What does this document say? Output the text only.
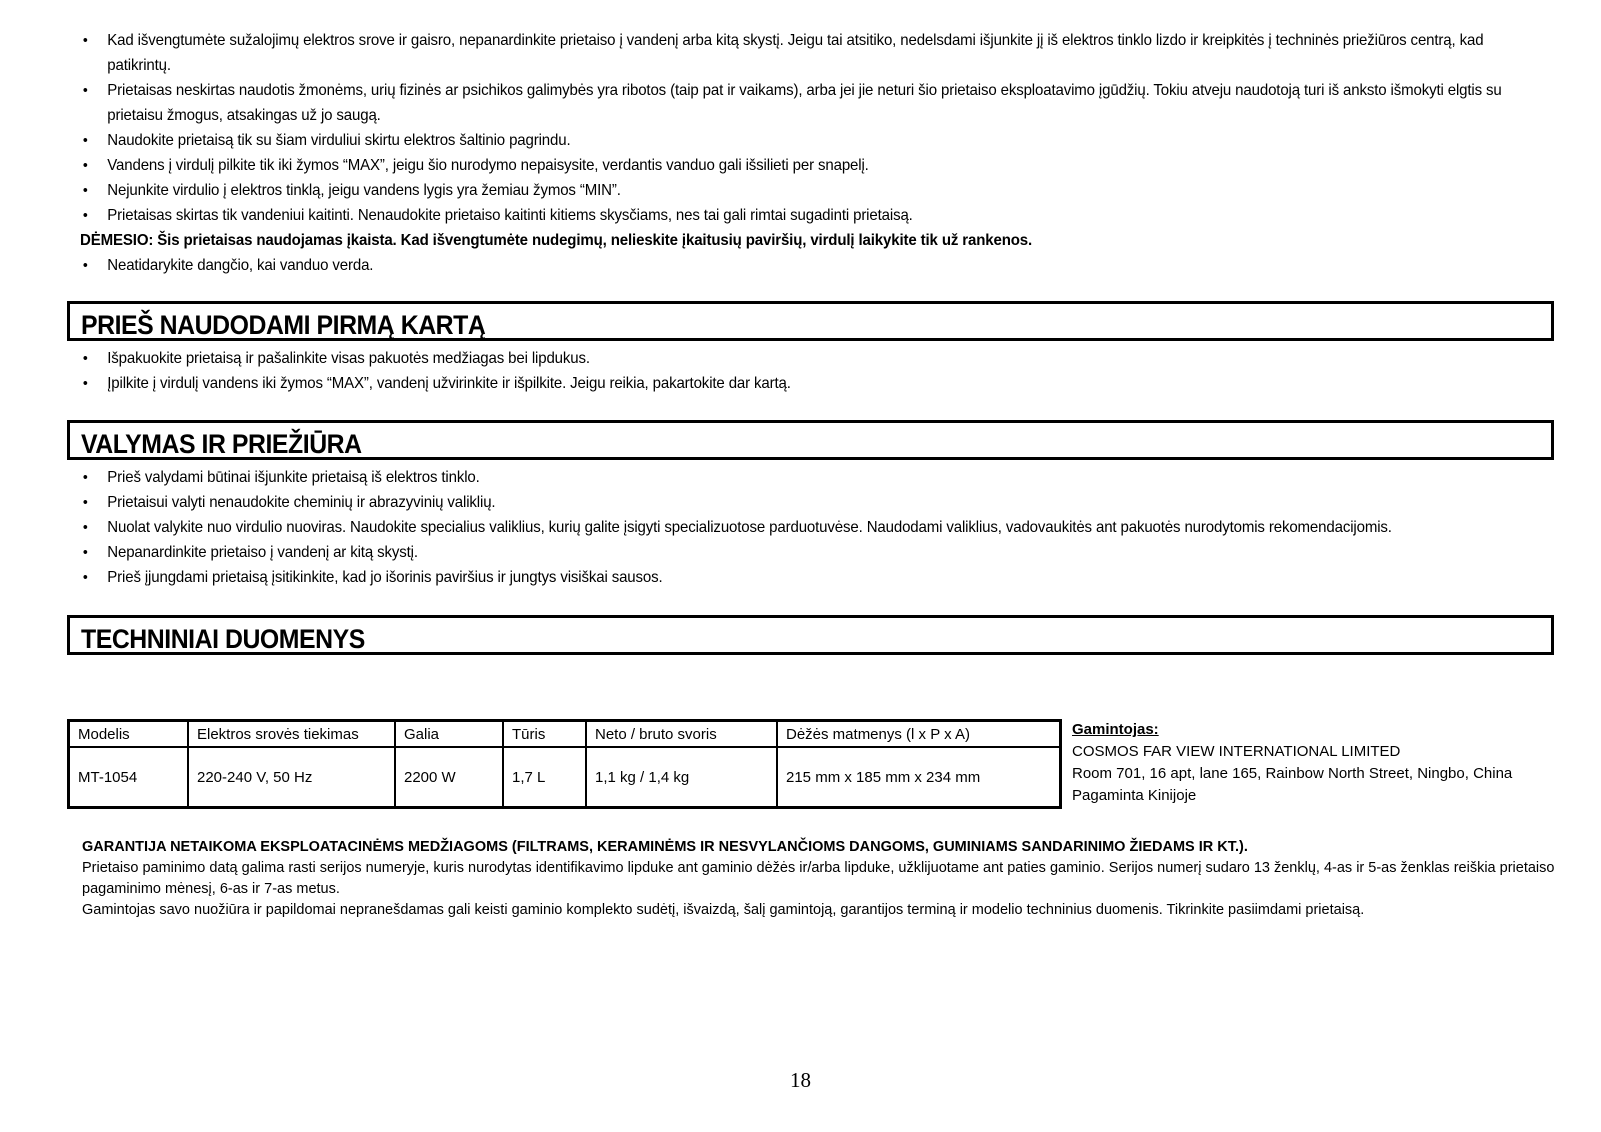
• Kad išvengtumėte sužalojimų elektros srove ir gaisro, nepanardinkite prietaiso į vandenį arba kitą skystį. Jeigu tai atsitiko, nedelsdami išjunkite jį iš elektros tinklo lizdo ir kreipkitės į techninės priežiūros centrą, kad patikrintų.
• Prietaisas neskirtas naudotis žmonėms, urių fizinės ar psichikos galimybės yra ribotos (taip pat ir vaikams), arba jei jie neturi šio prietaiso eksploatavimo įgūdžių. Tokiu atveju naudotoją turi iš anksto išmokyti elgtis su prietaisu žmogus, atsakingas už jo saugą.
• Naudokite prietaisą tik su šiam virduliui skirtu elektros šaltinio pagrindu.
• Vandens į virdulį pilkite tik iki žymos “MAX”, jeigu šio nurodymo nepaisysite, verdantis vanduo gali išsilieti per snapelį.
• Nejunkite virdulio į elektros tinklą, jeigu vandens lygis yra žemiau žymos “MIN”.
• Prietaisas skirtas tik vandeniui kaitinti. Nenaudokite prietaiso kaitinti kitiems skysčiams, nes tai gali rimtai sugadinti prietaisą.
DĖMESIO: Šis prietaisas naudojamas įkaista. Kad išvengtumėte nudegimų, nelieskite įkaitusių paviršių, virdulį laikykite tik už rankenos.
• Neatidarykite dangčio, kai vanduo verda.
PRIEŠ NAUDODAMI PIRMĄ KARTĄ
• Išpakuokite prietaisą ir pašalinkite visas pakuotės medžiagas bei lipdukus.
• Įpilkite į virdulį vandens iki žymos “MAX”, vandenį užvirinkite ir išpilkite. Jeigu reikia, pakartokite dar kartą.
VALYMAS IR PRIEŽIŪRA
• Prieš valydami būtinai išjunkite prietaisą iš elektros tinklo.
• Prietaisui valyti nenaudokite cheminių ir abrazyvinių valiklių.
• Nuolat valykite nuo virdulio nuoviras. Naudokite specialius valiklius, kurių galite įsigyti specializuotose parduotuvėse. Naudodami valiklius, vadovaukitės ant pakuotės nurodytomis rekomendacijomis.
• Nepanardinkite prietaiso į vandenį ar kitą skystį.
• Prieš įjungdami prietaisą įsitikinkite, kad jo išorinis paviršius ir jungtys visiškai sausos.
TECHNINIAI DUOMENYS
Modelis	Elektros srovės tiekimas	Galia	Tūris	Neto / bruto svoris	Dėžės matmenys (l x P x A)
MT-1054	220-240 V, 50 Hz	2200 W	1,7 L	1,1 kg / 1,4 kg	215 mm x 185 mm x 234 mm
Gamintojas:
COSMOS FAR VIEW INTERNATIONAL LIMITED
Room 701, 16 apt, lane 165, Rainbow North Street, Ningbo, China
Pagaminta Kinijoje
GARANTIJA NETAIKOMA EKSPLOATACINĖMS MEDŽIAGOMS (FILTRAMS, KERAMINĖMS IR NESVYLANČIOMS DANGOMS, GUMINIAMS SANDARINIMO ŽIEDAMS IR KT.).
Prietaiso paminimo datą galima rasti serijos numeryje, kuris nurodytas identifikavimo lipduke ant gaminio dėžės ir/arba lipduke, užklijuotame ant paties gaminio. Serijos numerį sudaro 13 ženklų, 4-as ir 5-as ženklas reiškia prietaiso pagaminimo mėnesį, 6-as ir 7-as metus.
Gamintojas savo nuožiūra ir papildomai nepranešdamas gali keisti gaminio komplekto sudėtį, išvaizdą, šalį gamintoją, garantijos terminą ir modelio techninius duomenis. Tikrinkite pasiimdami prietaisą.
18
